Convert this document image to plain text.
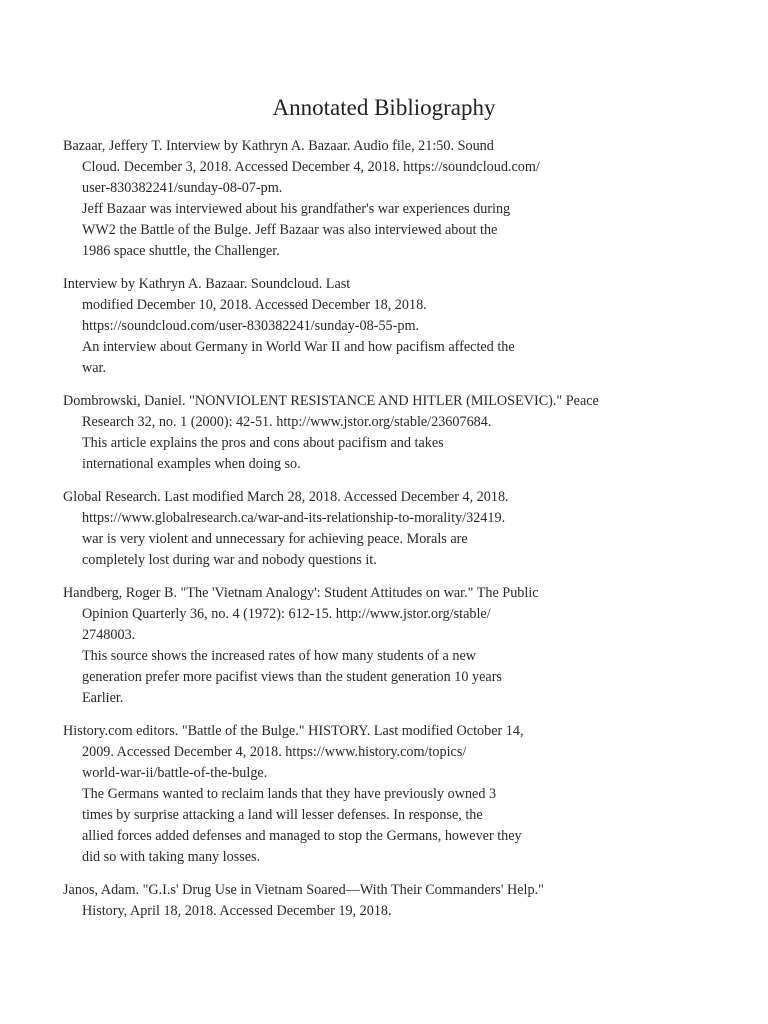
Annotated Bibliography
Bazaar, Jeffery T. Interview by Kathryn A. Bazaar. Audio file, 21:50. Sound
Cloud. December 3, 2018. Accessed December 4, 2018. https://soundcloud.com/
user-830382241/sunday-08-07-pm.
Jeff Bazaar was interviewed about his grandfather's war experiences during
WW2 the Battle of the Bulge. Jeff Bazaar was also interviewed about the
1986 space shuttle, the Challenger.
Interview by Kathryn A. Bazaar. Soundcloud. Last
modified December 10, 2018. Accessed December 18, 2018.
https://soundcloud.com/user-830382241/sunday-08-55-pm.
An interview about Germany in World War II and how pacifism affected the
war.
Dombrowski, Daniel. "NONVIOLENT RESISTANCE AND HITLER (MILOSEVIC)." Peace
Research 32, no. 1 (2000): 42-51. http://www.jstor.org/stable/23607684.
This article explains the pros and cons about pacifism and takes
international examples when doing so.
Global Research. Last modified March 28, 2018. Accessed December 4, 2018.
https://www.globalresearch.ca/war-and-its-relationship-to-morality/32419.
war is very violent and unnecessary for achieving peace. Morals are
completely lost during war and nobody questions it.
Handberg, Roger B. "The 'Vietnam Analogy': Student Attitudes on war." The Public
Opinion Quarterly 36, no. 4 (1972): 612-15. http://www.jstor.org/stable/
2748003.
This source shows the increased rates of how many students of a new
generation prefer more pacifist views than the student generation 10 years
Earlier.
History.com editors. "Battle of the Bulge." HISTORY. Last modified October 14,
2009. Accessed December 4, 2018. https://www.history.com/topics/
world-war-ii/battle-of-the-bulge.
The Germans wanted to reclaim lands that they have previously owned 3
times by surprise attacking a land will lesser defenses. In response, the
allied forces added defenses and managed to stop the Germans, however they
did so with taking many losses.
Janos, Adam. "G.I.s' Drug Use in Vietnam Soared—With Their Commanders' Help."
History, April 18, 2018. Accessed December 19, 2018.
